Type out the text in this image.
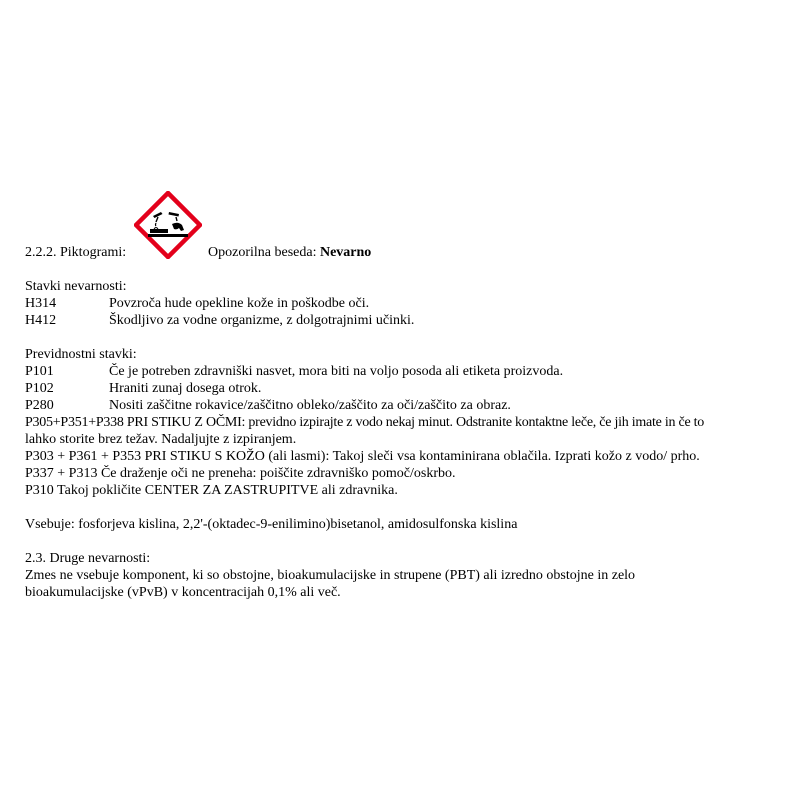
2.2.2. Piktogrami:	Opozorilna beseda: Nevarno
Stavki nevarnosti:
H314	Povzroča hude opekline kože in poškodbe oči.
H412	Škodljivo za vodne organizme, z dolgotrajnimi učinki.
Previdnostni stavki:
P101	Če je potreben zdravniški nasvet, mora biti na voljo posoda ali etiketa proizvoda.
P102	Hraniti zunaj dosega otrok.
P280	Nositi zaščitne rokavice/zaščitno obleko/zaščito za oči/zaščito za obraz.
P305+P351+P338 PRI STIKU Z OČMI: previdno izpirajte z vodo nekaj minut. Odstranite kontaktne leče, če jih imate in če to
lahko storite brez težav. Nadaljujte z izpiranjem.
P303 + P361 + P353 PRI STIKU S KOŽO (ali lasmi): Takoj sleči vsa kontaminirana oblačila. Izprati kožo z vodo/ prho.
P337 + P313 Če draženje oči ne preneha: poiščite zdravniško pomoč/oskrbo.
P310 Takoj pokličite CENTER ZA ZASTRUPITVE ali zdravnika.
Vsebuje: fosforjeva kislina, 2,2'-(oktadec-9-enilimino)bisetanol, amidosulfonska kislina
2.3. Druge nevarnosti:
Zmes ne vsebuje komponent, ki so obstojne, bioakumulacijske in strupene (PBT) ali izredno obstojne in zelo
bioakumulacijske (vPvB) v koncentracijah 0,1% ali več.
